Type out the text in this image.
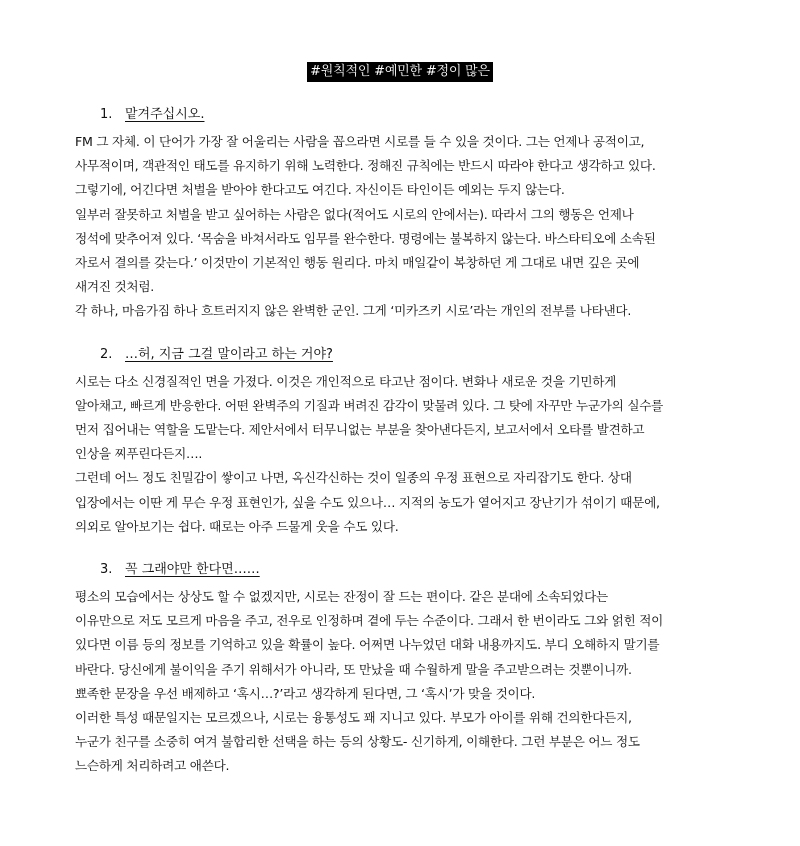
#원칙적인 #예민한 #정이 많은
1. 맡겨주십시오.
FM 그 자체. 이 단어가 가장 잘 어울리는 사람을 꼽으라면 시로를 들 수 있을 것이다. 그는 언제나 공적이고,
사무적이며, 객관적인 태도를 유지하기 위해 노력한다. 정해진 규칙에는 반드시 따라야 한다고 생각하고 있다.
그렇기에, 어긴다면 처벌을 받아야 한다고도 여긴다. 자신이든 타인이든 예외는 두지 않는다.
일부러 잘못하고 처벌을 받고 싶어하는 사람은 없다(적어도 시로의 안에서는). 따라서 그의 행동은 언제나
정석에 맞추어져 있다. ‘목숨을 바쳐서라도 임무를 완수한다. 명령에는 불복하지 않는다. 바스타티오에 소속된
자로서 결의를 갖는다.’ 이것만이 기본적인 행동 원리다. 마치 매일같이 복창하던 게 그대로 내면 깊은 곳에
새겨진 것처럼.
각 하나, 마음가짐 하나 흐트러지지 않은 완벽한 군인. 그게 ‘미카즈키 시로’라는 개인의 전부를 나타낸다.
2. …허, 지금 그걸 말이라고 하는 거야?
시로는 다소 신경질적인 면을 가졌다. 이것은 개인적으로 타고난 점이다. 변화나 새로운 것을 기민하게
알아채고, 빠르게 반응한다. 어떤 완벽주의 기질과 벼려진 감각이 맞물려 있다. 그 탓에 자꾸만 누군가의 실수를
먼저 집어내는 역할을 도맡는다. 제안서에서 터무니없는 부분을 찾아낸다든지, 보고서에서 오타를 발견하고
인상을 찌푸린다든지….
그런데 어느 정도 친밀감이 쌓이고 나면, 옥신각신하는 것이 일종의 우정 표현으로 자리잡기도 한다. 상대
입장에서는 이딴 게 무슨 우정 표현인가, 싶을 수도 있으나… 지적의 농도가 옅어지고 장난기가 섞이기 때문에,
의외로 알아보기는 쉽다. 때로는 아주 드물게 웃을 수도 있다.
3. 꼭 그래야만 한다면……
평소의 모습에서는 상상도 할 수 없겠지만, 시로는 잔정이 잘 드는 편이다. 같은 분대에 소속되었다는
이유만으로 저도 모르게 마음을 주고, 전우로 인정하며 곁에 두는 수준이다. 그래서 한 번이라도 그와 얽힌 적이
있다면 이름 등의 정보를 기억하고 있을 확률이 높다. 어쩌면 나누었던 대화 내용까지도. 부디 오해하지 말기를
바란다. 당신에게 불이익을 주기 위해서가 아니라, 또 만났을 때 수월하게 말을 주고받으려는 것뿐이니까.
뾰족한 문장을 우선 배제하고 ‘혹시…?’라고 생각하게 된다면, 그 ‘혹시’가 맞을 것이다.
이러한 특성 때문일지는 모르겠으나, 시로는 융통성도 꽤 지니고 있다. 부모가 아이를 위해 건의한다든지,
누군가 친구를 소중히 여겨 불합리한 선택을 하는 등의 상황도- 신기하게, 이해한다. 그런 부분은 어느 정도
느슨하게 처리하려고 애쓴다.
